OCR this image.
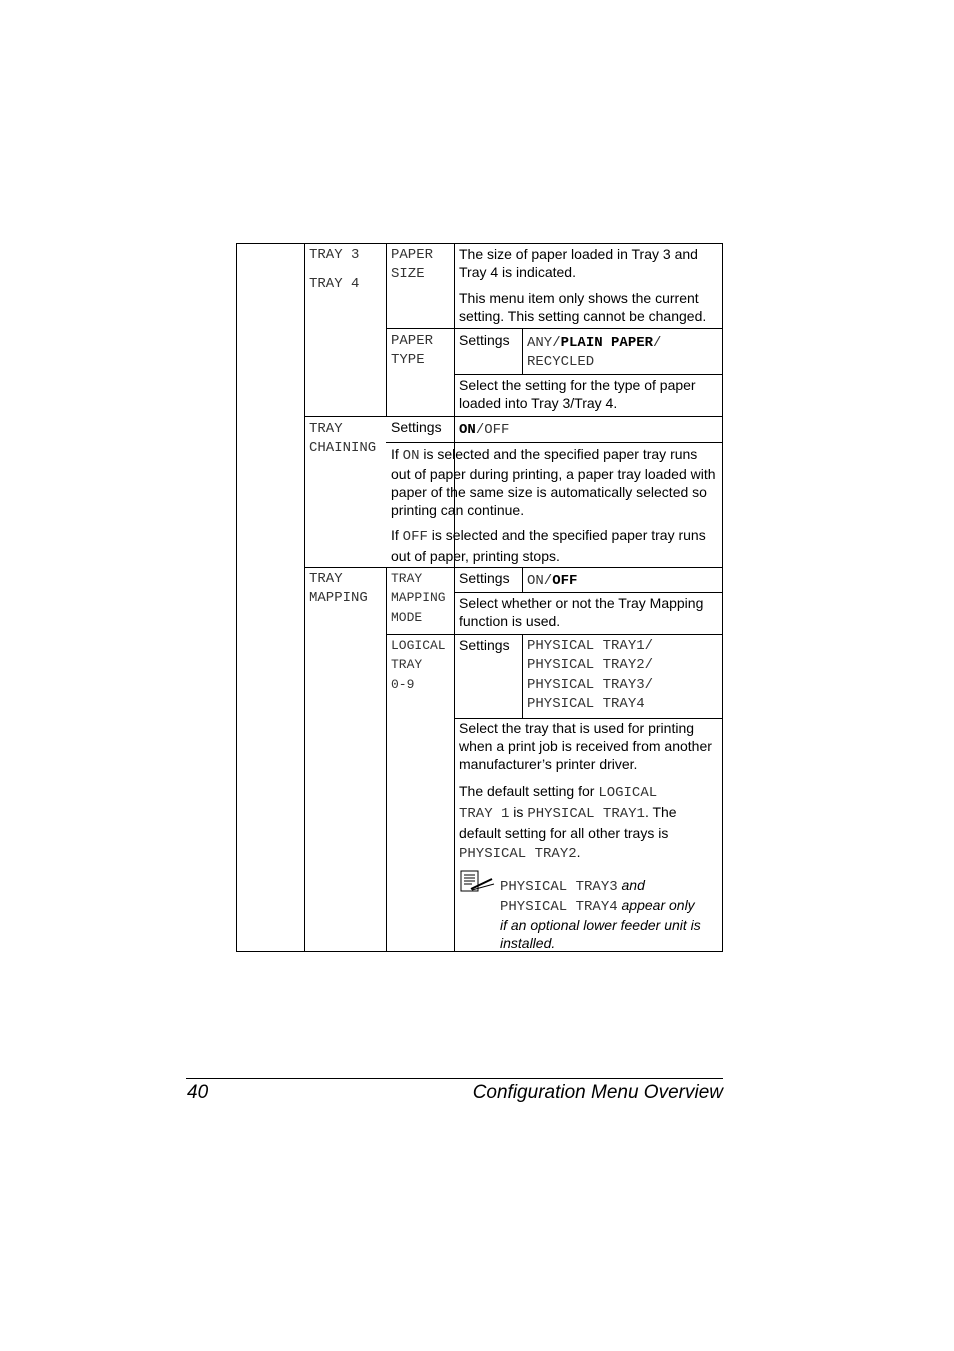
TRAY 3
TRAY 4
PAPER
SIZE
The size of paper loaded in Tray 3 and
Tray 4 is indicated.
This menu item only shows the current
setting. This setting cannot be changed.
PAPER
TYPE
Settings ANY/PLAIN PAPER/
RECYCLED
Select the setting for the type of paper
loaded into Tray 3/Tray 4.
TRAY
CHAINING
Settings ON/OFF
If ON is selected and the specified paper tray runs
out of paper during printing, a paper tray loaded with
paper of the same size is automatically selected so
printing can continue.
If OFF is selected and the specified paper tray runs
out of paper, printing stops.
TRAY
MAPPING
TRAY
MAPPING
MODE
Settings ON/OFF
Select whether or not the Tray Mapping
function is used.
LOGICAL
TRAY
0-9
Settings PHYSICAL TRAY1/
PHYSICAL TRAY2/
PHYSICAL TRAY3/
PHYSICAL TRAY4
Select the tray that is used for printing
when a print job is received from another
manufacturer’s printer driver.
The default setting for LOGICAL
TRAY 1 is PHYSICAL TRAY1. The
default setting for all other trays is
PHYSICAL TRAY2.
PHYSICAL TRAY3 and
PHYSICAL TRAY4 appear only
if an optional lower feeder unit is
installed.
40	Configuration Menu Overview
